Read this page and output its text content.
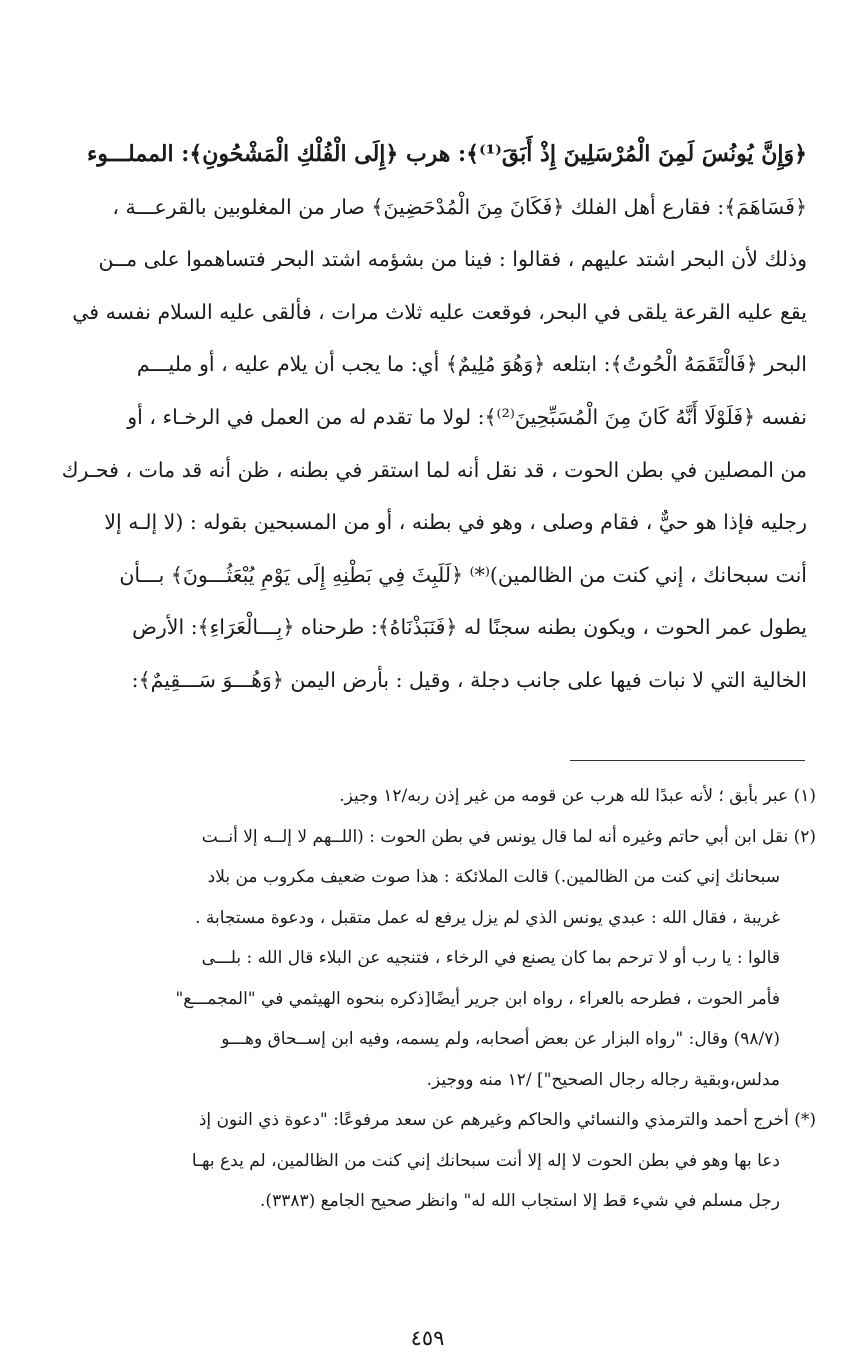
﴿وَإِنَّ يُونُسَ لَمِنَ الْمُرْسَلِينَ إِذْ أَبَقَ⁽¹⁾﴾: هرب ﴿إِلَى الْفُلْكِ الْمَشْحُونِ﴾: المملـــوء
﴿فَسَاهَمَ﴾: فقارع أهل الفلك ﴿فَكَانَ مِنَ الْمُدْحَضِينَ﴾ صار من المغلوبين بالقرعـــة ،
وذلك لأن البحر اشتد عليهم ، فقالوا : فينا من بشؤمه اشتد البحر فتساهموا على مــن
يقع عليه القرعة يلقى في البحر، فوقعت عليه ثلاث مرات ، فألقى عليه السلام نفسه في
البحر ﴿فَالْتَقَمَهُ الْحُوتُ﴾: ابتلعه ﴿وَهُوَ مُلِيمٌ﴾ أي: ما يجب أن يلام عليه ، أو مليـــم
نفسه ﴿فَلَوْلَا أَنَّهُ كَانَ مِنَ الْمُسَبِّحِينَ⁽²⁾﴾: لولا ما تقدم له من العمل في الرخـاء ، أو
من المصلين في بطن الحوت ، قد نقل أنه لما استقر في بطنه ، ظن أنه قد مات ، فحـرك
رجليه فإذا هو حيٌّ ، فقام وصلى ، وهو في بطنه ، أو من المسبحين بقوله : (لا إلـه إلا
أنت سبحانك ، إني كنت من الظالمين)⁽*⁾ ﴿لَلَبِثَ فِي بَطْنِهِ إِلَى يَوْمِ يُبْعَثُـــونَ﴾ بـــأن
يطول عمر الحوت ، ويكون بطنه سجنًا له ﴿فَنَبَذْنَاهُ﴾: طرحناه ﴿بِـــالْعَرَاءِ﴾: الأرض
الخالية التي لا نبات فيها على جانب دجلة ، وقيل : بأرض اليمن ﴿وَهُـــوَ سَـــقِيمٌ﴾:
(١) عبر بأبق ؛ لأنه عبدًا لله هرب عن قومه من غير إذن ربه/١٢ وجيز.
(٢) نقل ابن أبي حاتم وغيره أنه لما قال يونس في بطن الحوت : (اللــهم لا إلــه إلا أنــت
سبحانك إني كنت من الظالمين.) قالت الملائكة : هذا صوت ضعيف مكروب من بلاد
غريبة ، فقال الله : عبدي يونس الذي لم يزل يرفع له عمل متقبل ، ودعوة مستجابة .
قالوا : يا رب أو لا ترحم بما كان يصنع في الرخاء ، فتنجيه عن البلاء قال الله : بلـــى
فأمر الحوت ، فطرحه بالعراء ، رواه ابن جرير أيضًا[ذكره بنحوه الهيثمي في "المجمـــع"
(٩٨/٧) وقال: "رواه البزار عن بعض أصحابه، ولم يسمه، وفيه ابن إســحاق وهـــو
مدلس،وبقية رجاله رجال الصحيح"] /١٢ منه ووجيز.
(*) أخرج أحمد والترمذي والنسائي والحاكم وغيرهم عن سعد مرفوعًا: "دعوة ذي النون إذ
دعا بها وهو في بطن الحوت لا إله إلا أنت سبحانك إني كنت من الظالمين، لم يدع بهـا
رجل مسلم في شيء قط إلا استجاب الله له" وانظر صحيح الجامع (٣٣٨٣).
٤٥٩
